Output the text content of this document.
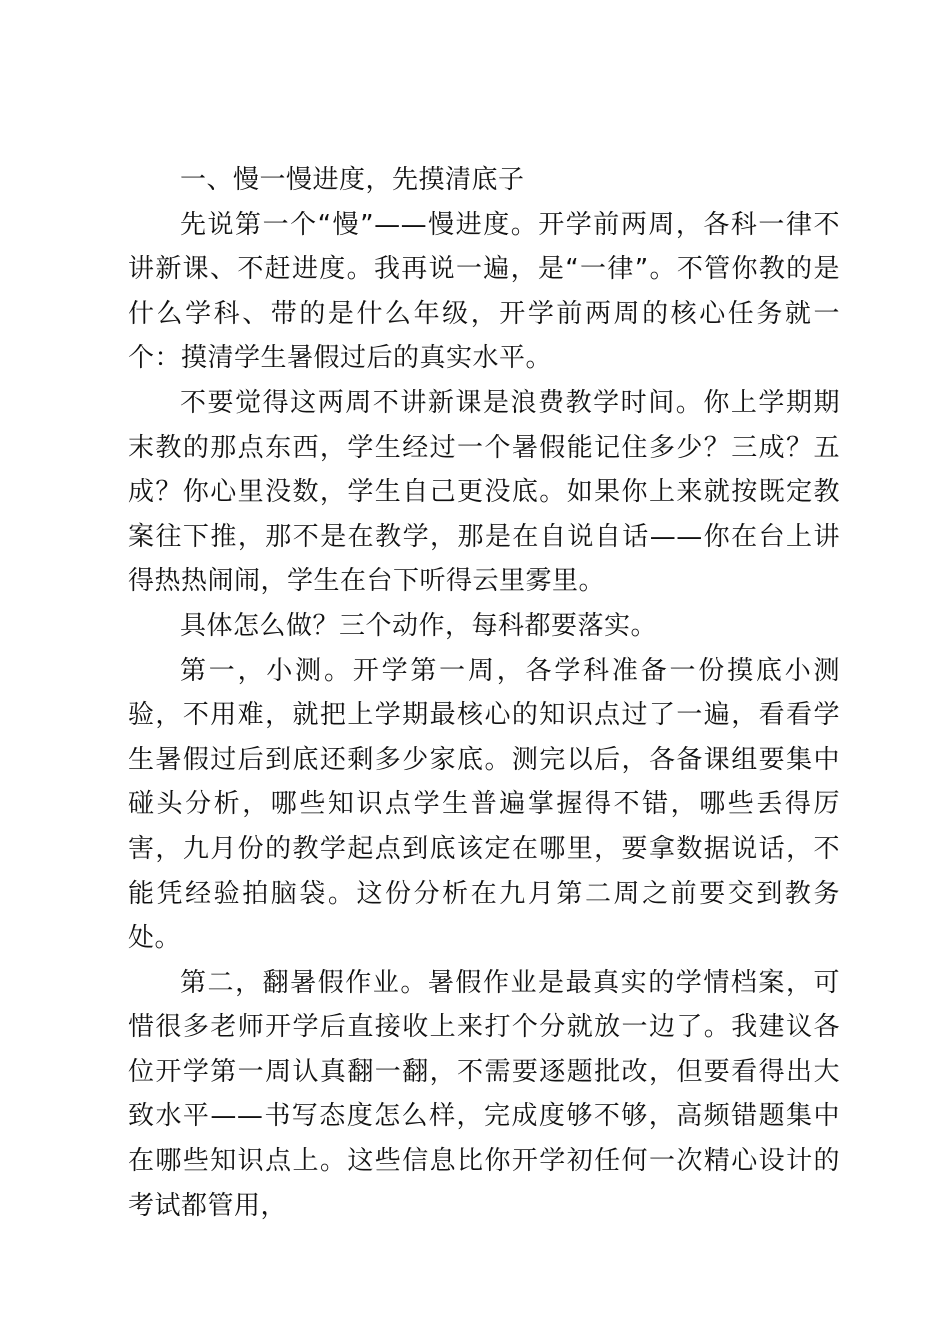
一、慢一慢进度，先摸清底子

先说第一个“慢”——慢进度。开学前两周，各科一律不讲新课、不赶进度。我再说一遍，是“一律”。不管你教的是什么学科、带的是什么年级，开学前两周的核心任务就一个：摸清学生暑假过后的真实水平。

不要觉得这两周不讲新课是浪费教学时间。你上学期期末教的那点东西，学生经过一个暑假能记住多少？三成？五成？你心里没数，学生自己更没底。如果你上来就按既定教案往下推，那不是在教学，那是在自说自话——你在台上讲得热热闹闹，学生在台下听得云里雾里。

具体怎么做？三个动作，每科都要落实。

第一，小测。开学第一周，各学科准备一份摸底小测验，不用难，就把上学期最核心的知识点过了一遍，看看学生暑假过后到底还剩多少家底。测完以后，各备课组要集中碰头分析，哪些知识点学生普遍掌握得不错，哪些丢得厉害，九月份的教学起点到底该定在哪里，要拿数据说话，不能凭经验拍脑袋。这份分析在九月第二周之前要交到教务处。

第二，翻暑假作业。暑假作业是最真实的学情档案，可惜很多老师开学后直接收上来打个分就放一边了。我建议各位开学第一周认真翻一翻，不需要逐题批改，但要看得出大致水平——书写态度怎么样，完成度够不够，高频错题集中在哪些知识点上。这些信息比你开学初任何一次精心设计的考试都管用，
